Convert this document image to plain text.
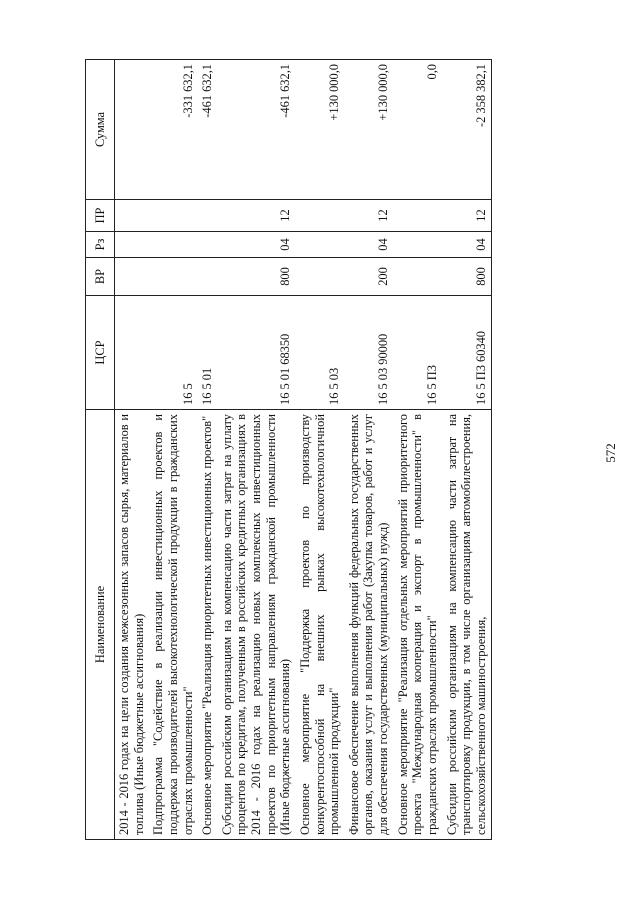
572
Наименование	ЦСР	ВР	Рз	ПР	Сумма
2014 - 2016 годах на цели создания межсезонных запасов сырья, материалов и топлива (Иные бюджетные ассигнования)					
Подпрограмма "Содействие в реализации инвестиционных проектов и поддержка производителей высокотехнологической продукции в гражданских отраслях промышленности"	16 5				-331 632,1
Основное мероприятие "Реализация приоритетных инвестиционных проектов"	16 5 01				-461 632,1
Субсидии российским организациям на компенсацию части затрат на уплату процентов по кредитам, полученным в российских кредитных организациях в 2014 - 2016 годах на реализацию новых комплексных инвестиционных проектов по приоритетным направлениям гражданской промышленности (Иные бюджетные ассигнования)	16 5 01 68350	800	04	12	-461 632,1
Основное мероприятие "Поддержка проектов по производству конкурентоспособной на внешних рынках высокотехнологичной промышленной продукции"	16 5 03				+130 000,0
Финансовое обеспечение выполнения функций федеральных государственных органов, оказания услуг и выполнения работ (Закупка товаров, работ и услуг для обеспечения государственных (муниципальных) нужд)	16 5 03 90000	200	04	12	+130 000,0
Основное мероприятие "Реализация отдельных мероприятий приоритетного проекта "Международная кооперация и экспорт в промышленности" в гражданских отраслях промышленности"	16 5 П3				0,0
Субсидии российским организациям на компенсацию части затрат на транспортировку продукции, в том числе организациям автомобилестроения, сельскохозяйственного машиностроения,	16 5 П3 60340	800	04	12	-2 358 382,1
